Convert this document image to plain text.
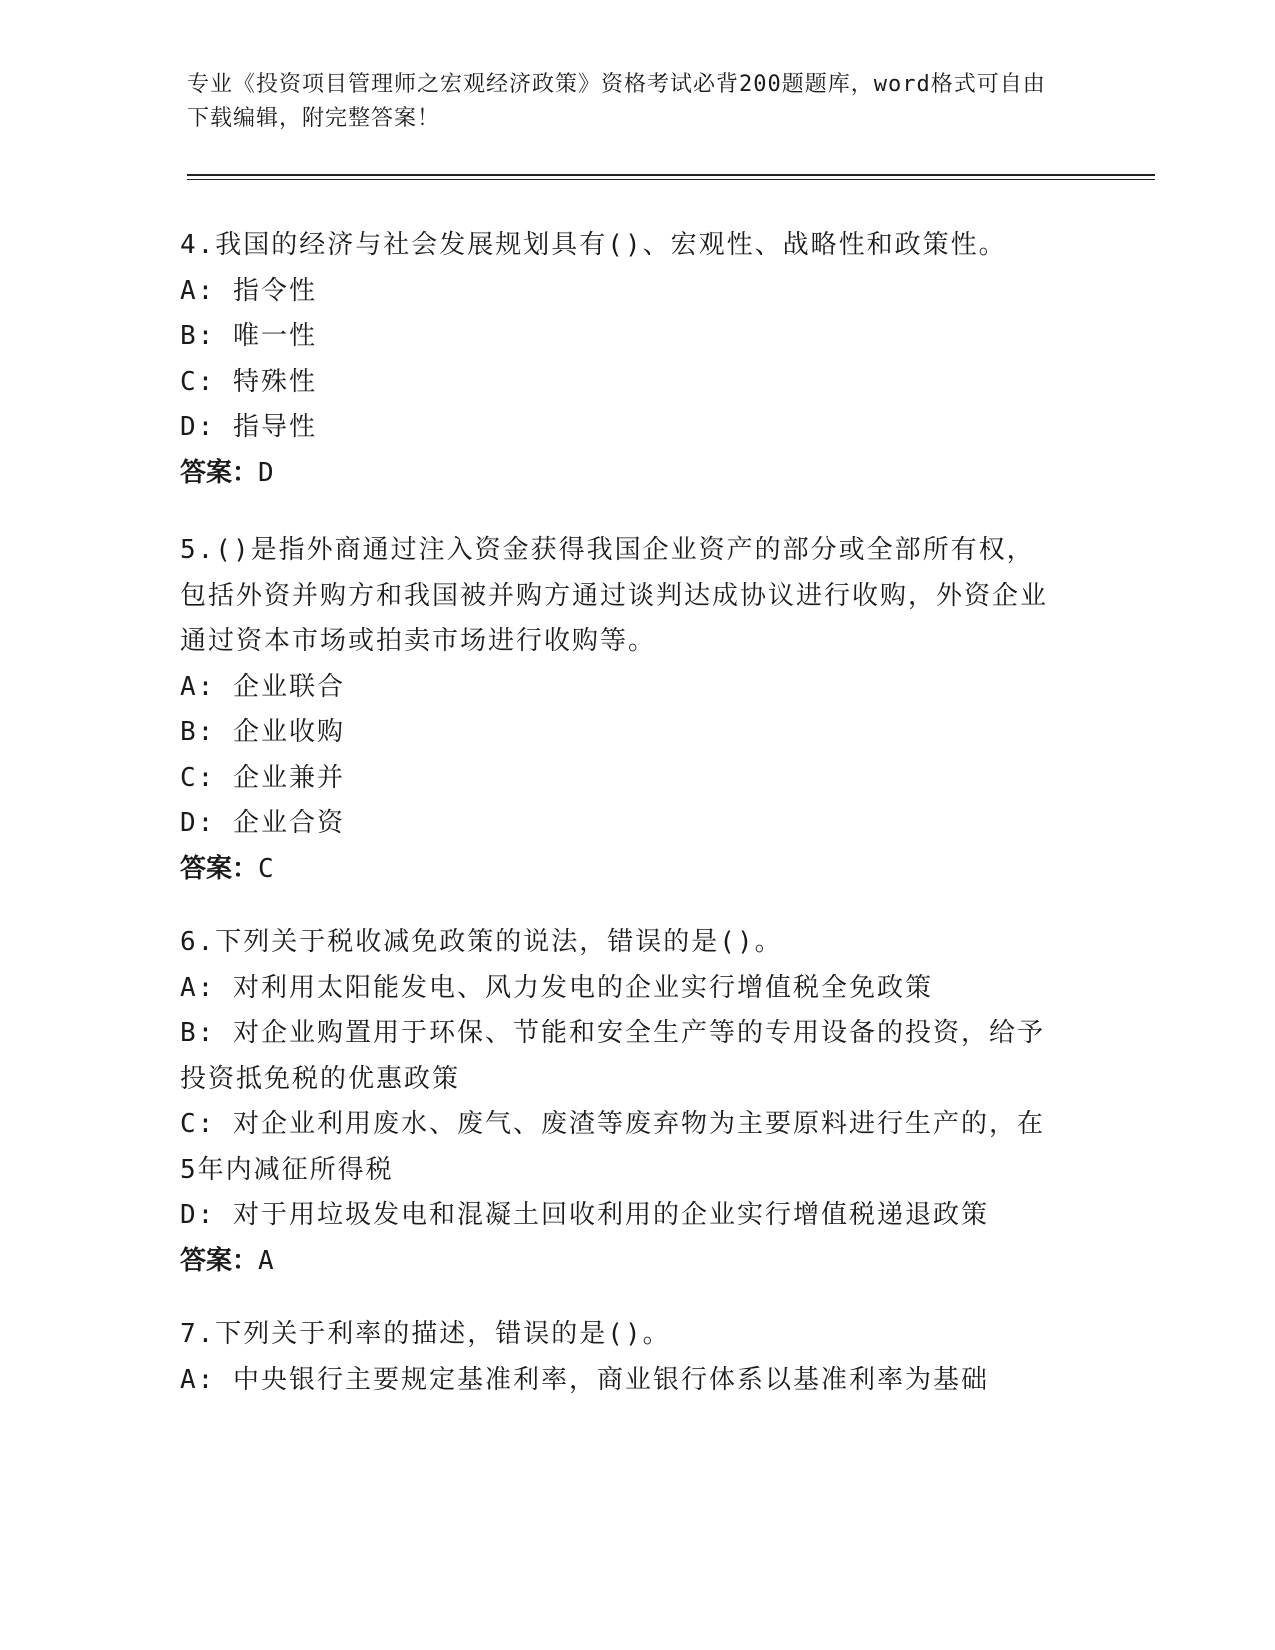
专业《投资项目管理师之宏观经济政策》资格考试必背200题题库，word格式可自由下载编辑，附完整答案！
4.我国的经济与社会发展规划具有()、宏观性、战略性和政策性。
A: 指令性
B: 唯一性
C: 特殊性
D: 指导性
答案：D
5.()是指外商通过注入资金获得我国企业资产的部分或全部所有权，包括外资并购方和我国被并购方通过谈判达成协议进行收购，外资企业通过资本市场或拍卖市场进行收购等。
A: 企业联合
B: 企业收购
C: 企业兼并
D: 企业合资
答案：C
6.下列关于税收减免政策的说法，错误的是()。
A: 对利用太阳能发电、风力发电的企业实行增值税全免政策
B: 对企业购置用于环保、节能和安全生产等的专用设备的投资，给予投资抵免税的优惠政策
C: 对企业利用废水、废气、废渣等废弃物为主要原料进行生产的，在5年内减征所得税
D: 对于用垃圾发电和混凝土回收利用的企业实行增值税递退政策
答案：A
7.下列关于利率的描述，错误的是()。
A: 中央银行主要规定基准利率，商业银行体系以基准利率为基础
